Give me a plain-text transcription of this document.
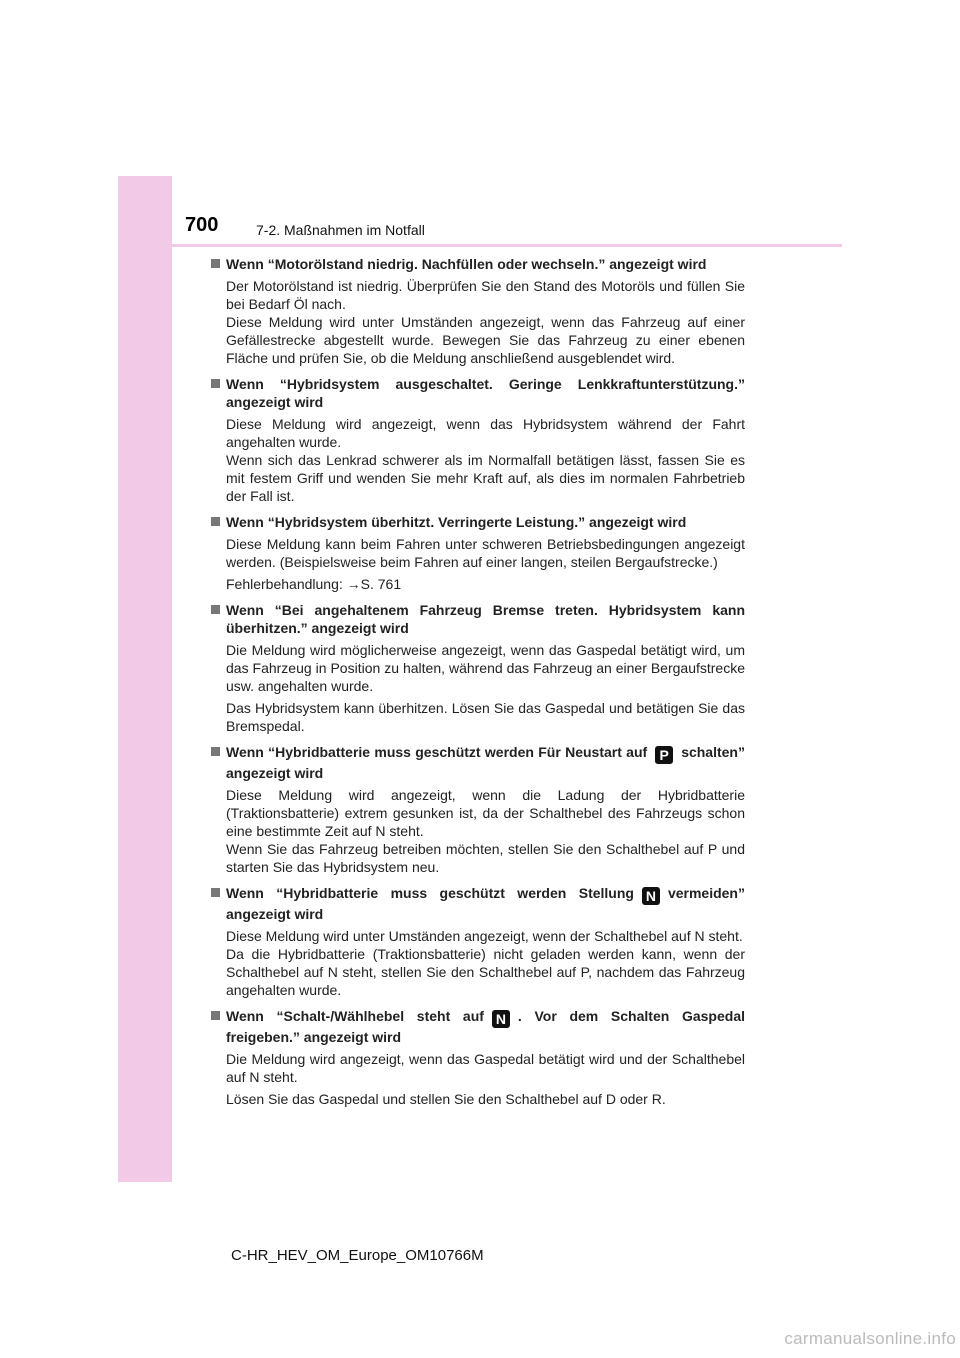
700	7-2. Maßnahmen im Notfall
Wenn “Motorölstand niedrig. Nachfüllen oder wechseln.” angezeigt wird
Der Motorölstand ist niedrig. Überprüfen Sie den Stand des Motoröls und füllen Sie bei Bedarf Öl nach.
Diese Meldung wird unter Umständen angezeigt, wenn das Fahrzeug auf einer Gefällestrecke abgestellt wurde. Bewegen Sie das Fahrzeug zu einer ebenen Fläche und prüfen Sie, ob die Meldung anschließend ausgeblendet wird.
Wenn “Hybridsystem ausgeschaltet. Geringe Lenkkraftunterstützung.” angezeigt wird
Diese Meldung wird angezeigt, wenn das Hybridsystem während der Fahrt angehalten wurde.
Wenn sich das Lenkrad schwerer als im Normalfall betätigen lässt, fassen Sie es mit festem Griff und wenden Sie mehr Kraft auf, als dies im normalen Fahrbetrieb der Fall ist.
Wenn “Hybridsystem überhitzt. Verringerte Leistung.” angezeigt wird
Diese Meldung kann beim Fahren unter schweren Betriebsbedingungen angezeigt werden. (Beispielsweise beim Fahren auf einer langen, steilen Bergaufstrecke.)
Fehlerbehandlung: →S. 761
Wenn “Bei angehaltenem Fahrzeug Bremse treten. Hybridsystem kann überhitzen.” angezeigt wird
Die Meldung wird möglicherweise angezeigt, wenn das Gaspedal betätigt wird, um das Fahrzeug in Position zu halten, während das Fahrzeug an einer Bergaufstrecke usw. angehalten wurde.
Das Hybridsystem kann überhitzen. Lösen Sie das Gaspedal und betätigen Sie das Bremspedal.
Wenn “Hybridbatterie muss geschützt werden Für Neustart auf P schalten” angezeigt wird
Diese Meldung wird angezeigt, wenn die Ladung der Hybridbatterie (Traktionsbatterie) extrem gesunken ist, da der Schalthebel des Fahrzeugs schon eine bestimmte Zeit auf N steht.
Wenn Sie das Fahrzeug betreiben möchten, stellen Sie den Schalthebel auf P und starten Sie das Hybridsystem neu.
Wenn “Hybridbatterie muss geschützt werden Stellung N vermeiden” angezeigt wird
Diese Meldung wird unter Umständen angezeigt, wenn der Schalthebel auf N steht.
Da die Hybridbatterie (Traktionsbatterie) nicht geladen werden kann, wenn der Schalthebel auf N steht, stellen Sie den Schalthebel auf P, nachdem das Fahrzeug angehalten wurde.
Wenn “Schalt-/Wählhebel steht auf N . Vor dem Schalten Gaspedal freigeben.” angezeigt wird
Die Meldung wird angezeigt, wenn das Gaspedal betätigt wird und der Schalthebel auf N steht.
Lösen Sie das Gaspedal und stellen Sie den Schalthebel auf D oder R.
C-HR_HEV_OM_Europe_OM10766M
carmanualsonline.info
